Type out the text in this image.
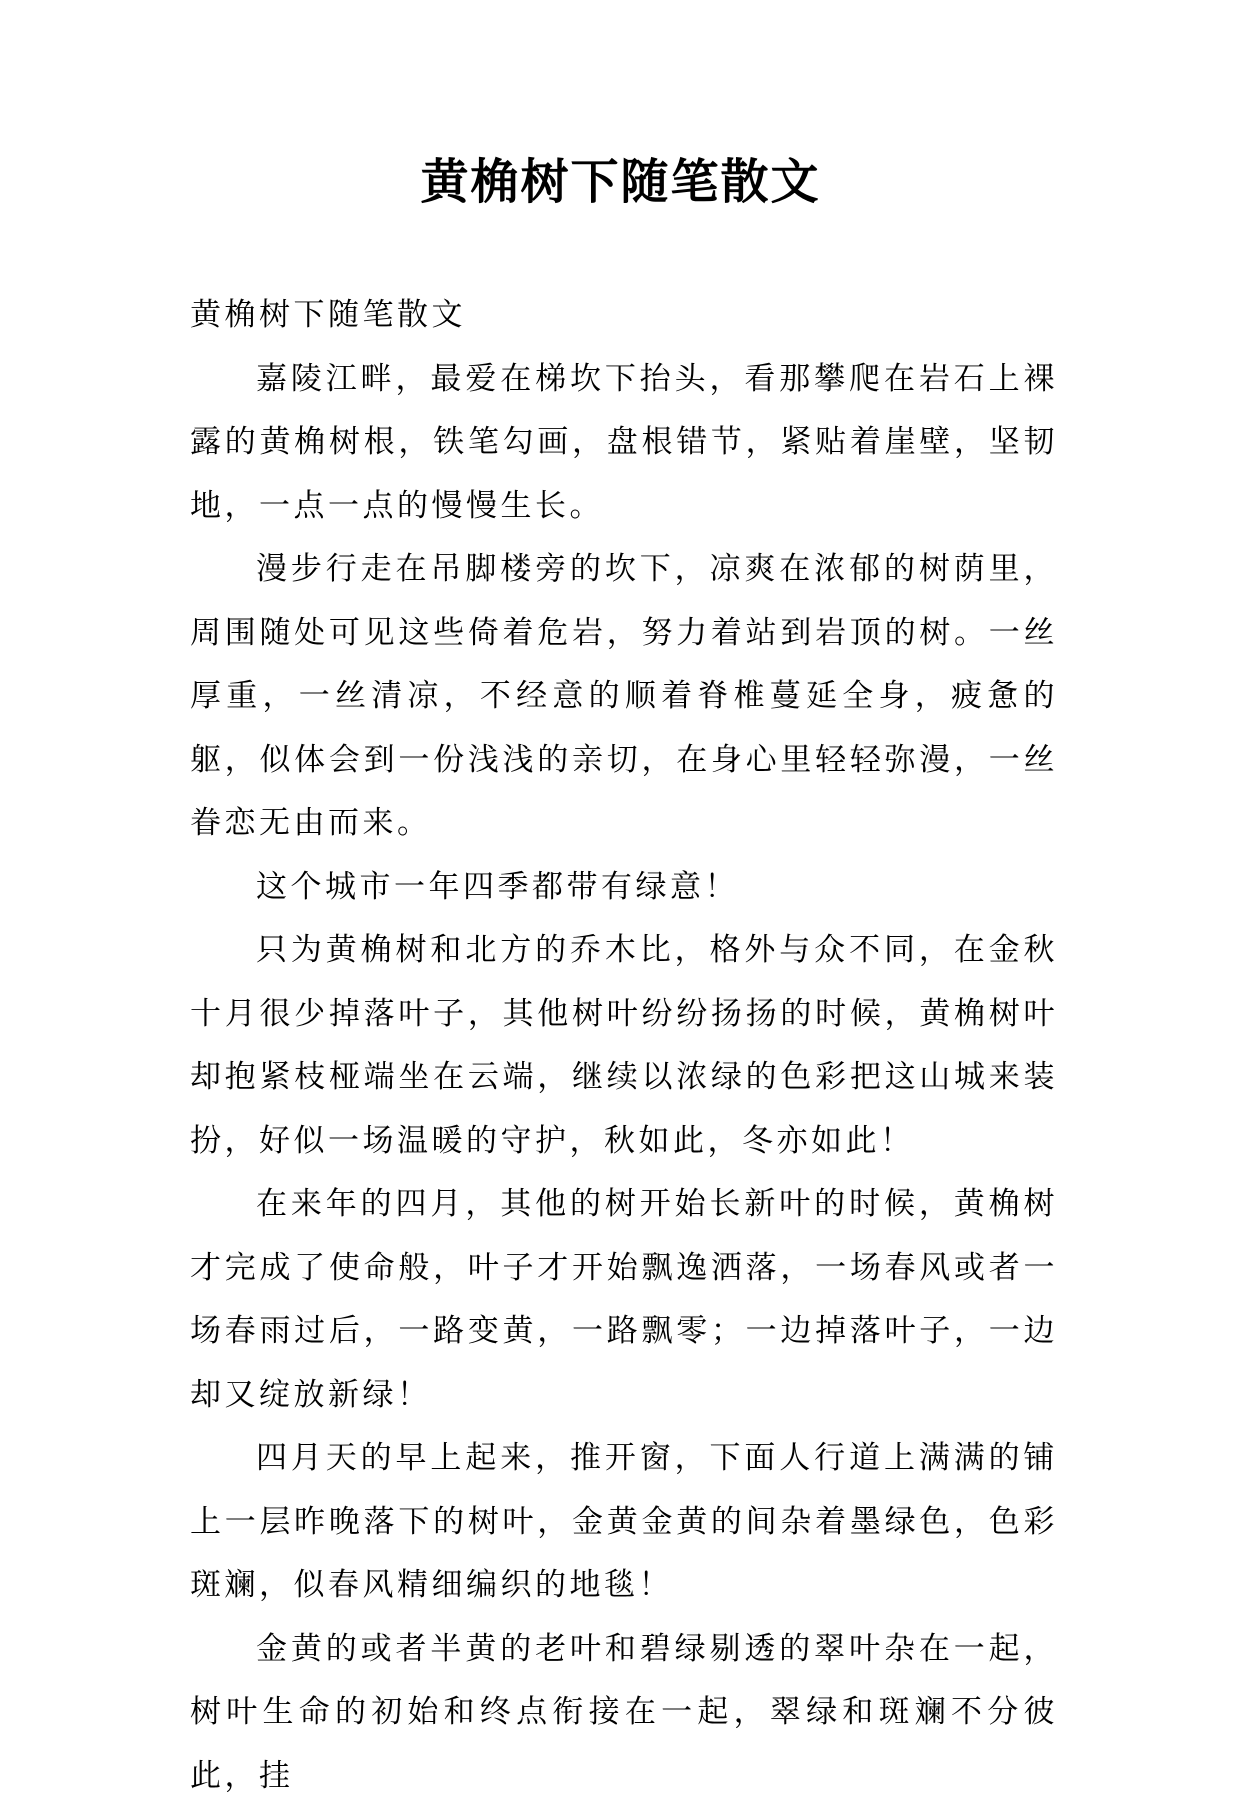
黄桷树下随笔散文

黄桷树下随笔散文

嘉陵江畔，最爱在梯坎下抬头，看那攀爬在岩石上裸露的黄桷树根，铁笔勾画，盘根错节，紧贴着崖壁，坚韧地，一点一点的慢慢生长。

漫步行走在吊脚楼旁的坎下，凉爽在浓郁的树荫里，周围随处可见这些倚着危岩，努力着站到岩顶的树。一丝厚重，一丝清凉，不经意的顺着脊椎蔓延全身，疲惫的躯，似体会到一份浅浅的亲切，在身心里轻轻弥漫，一丝眷恋无由而来。

这个城市一年四季都带有绿意！

只为黄桷树和北方的乔木比，格外与众不同，在金秋十月很少掉落叶子，其他树叶纷纷扬扬的时候，黄桷树叶却抱紧枝桠端坐在云端，继续以浓绿的色彩把这山城来装扮，好似一场温暖的守护，秋如此，冬亦如此！

在来年的四月，其他的树开始长新叶的时候，黄桷树才完成了使命般，叶子才开始飘逸洒落，一场春风或者一场春雨过后，一路变黄，一路飘零；一边掉落叶子，一边却又绽放新绿！

四月天的早上起来，推开窗，下面人行道上满满的铺上一层昨晚落下的树叶，金黄金黄的间杂着墨绿色，色彩斑斓，似春风精细编织的地毯！

金黄的或者半黄的老叶和碧绿剔透的翠叶杂在一起，树叶生命的初始和终点衔接在一起，翠绿和斑斓不分彼此，挂
